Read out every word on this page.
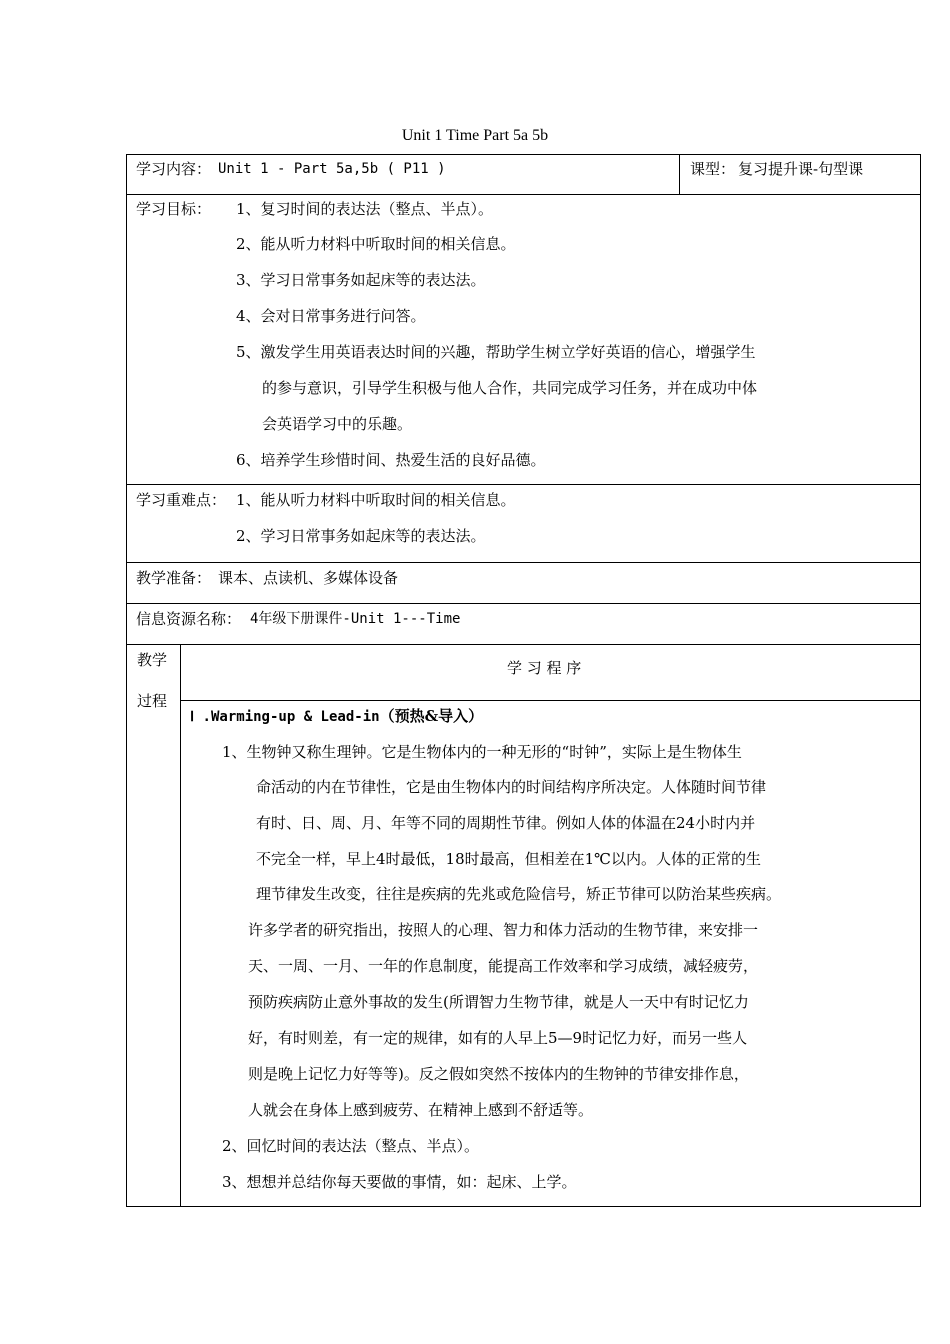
Unit 1 Time Part 5a 5b
学习内容： Unit 1 - Part 5a,5b ( P11 )	课型： 复习提升课-句型课
学习目标： 1、复习时间的表达法（整点、半点）。
2、能从听力材料中听取时间的相关信息。
3、学习日常事务如起床等的表达法。
4、会对日常事务进行问答。
5、激发学生用英语表达时间的兴趣，帮助学生树立学好英语的信心，增强学生
的参与意识，引导学生积极与他人合作，共同完成学习任务，并在成功中体
会英语学习中的乐趣。
6、培养学生珍惜时间、热爱生活的良好品德。
学习重难点： 1、能从听力材料中听取时间的相关信息。
2、学习日常事务如起床等的表达法。
教学准备： 课本、点读机、多媒体设备
信息资源名称： 4年级下册课件-Unit 1---Time
教学
过程
学 习 程 序
Ⅰ .Warming-up & Lead-in（预热&导入）
1、生物钟又称生理钟。它是生物体内的一种无形的“时钟”，实际上是生物体生
命活动的内在节律性，它是由生物体内的时间结构序所决定。人体随时间节律
有时、日、周、月、年等不同的周期性节律。例如人体的体温在24小时内并
不完全一样，早上4时最低，18时最高，但相差在1℃以内。人体的正常的生
理节律发生改变，往往是疾病的先兆或危险信号，矫正节律可以防治某些疾病。
许多学者的研究指出，按照人的心理、智力和体力活动的生物节律，来安排一
天、一周、一月、一年的作息制度，能提高工作效率和学习成绩，减轻疲劳，
预防疾病防止意外事故的发生(所谓智力生物节律，就是人一天中有时记忆力
好，有时则差，有一定的规律，如有的人早上5—9时记忆力好，而另一些人
则是晚上记忆力好等等)。反之假如突然不按体内的生物钟的节律安排作息，
人就会在身体上感到疲劳、在精神上感到不舒适等。
2、回忆时间的表达法（整点、半点）。
3、想想并总结你每天要做的事情，如：起床、上学。
